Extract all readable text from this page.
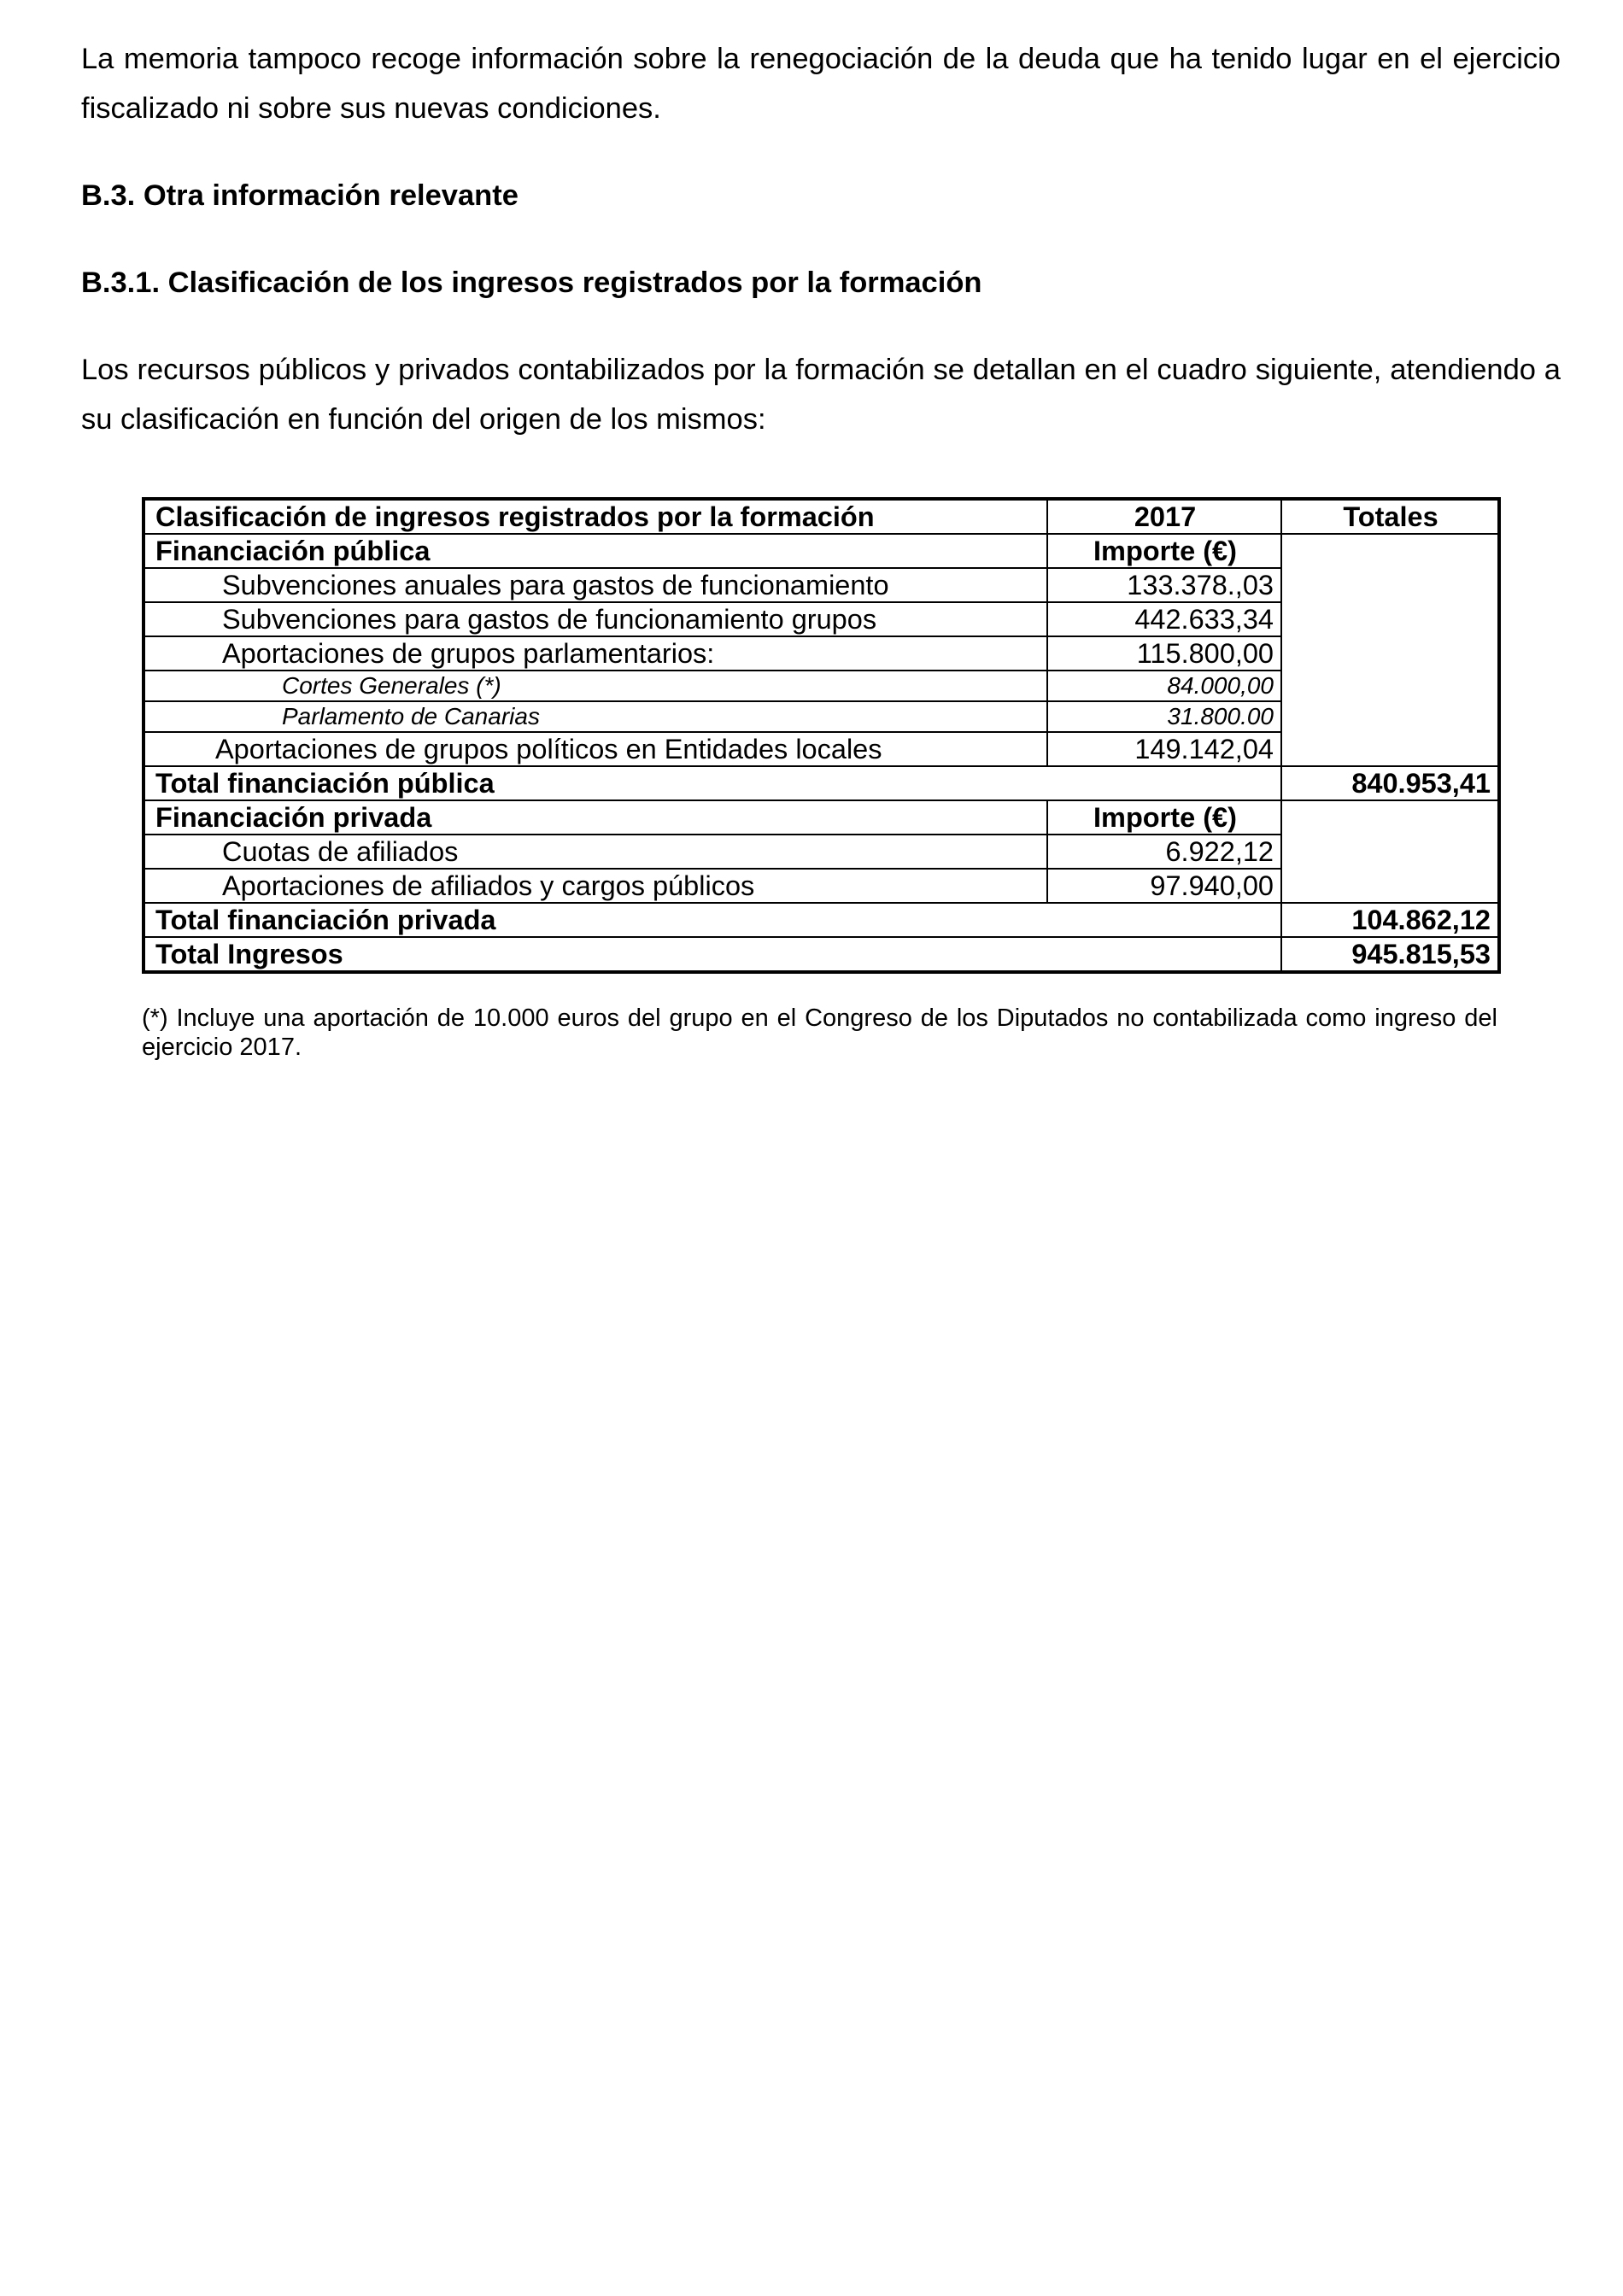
La memoria tampoco recoge información sobre la renegociación de la deuda que ha tenido lugar en el ejercicio fiscalizado ni sobre sus nuevas condiciones.

B.3. Otra información relevante

B.3.1. Clasificación de los ingresos registrados por la formación

Los recursos públicos y privados contabilizados por la formación se detallan en el cuadro siguiente, atendiendo a su clasificación en función del origen de los mismos:

Clasificación de ingresos registrados por la formación	2017	Totales
Financiación pública	Importe (€)	
Subvenciones anuales para gastos de funcionamiento	133.378.,03	
Subvenciones para gastos de funcionamiento grupos	442.633,34	
Aportaciones de grupos parlamentarios:	115.800,00	
Cortes Generales (*)	84.000,00	
Parlamento de Canarias	31.800.00	
Aportaciones de grupos políticos en Entidades locales	149.142,04	
Total financiación pública		840.953,41
Financiación privada	Importe (€)	
Cuotas de afiliados	6.922,12	
Aportaciones de afiliados y cargos públicos	97.940,00	
Total financiación privada		104.862,12
Total Ingresos		945.815,53

(*) Incluye una aportación de 10.000 euros del grupo en el Congreso de los Diputados no contabilizada como ingreso del ejercicio 2017.
